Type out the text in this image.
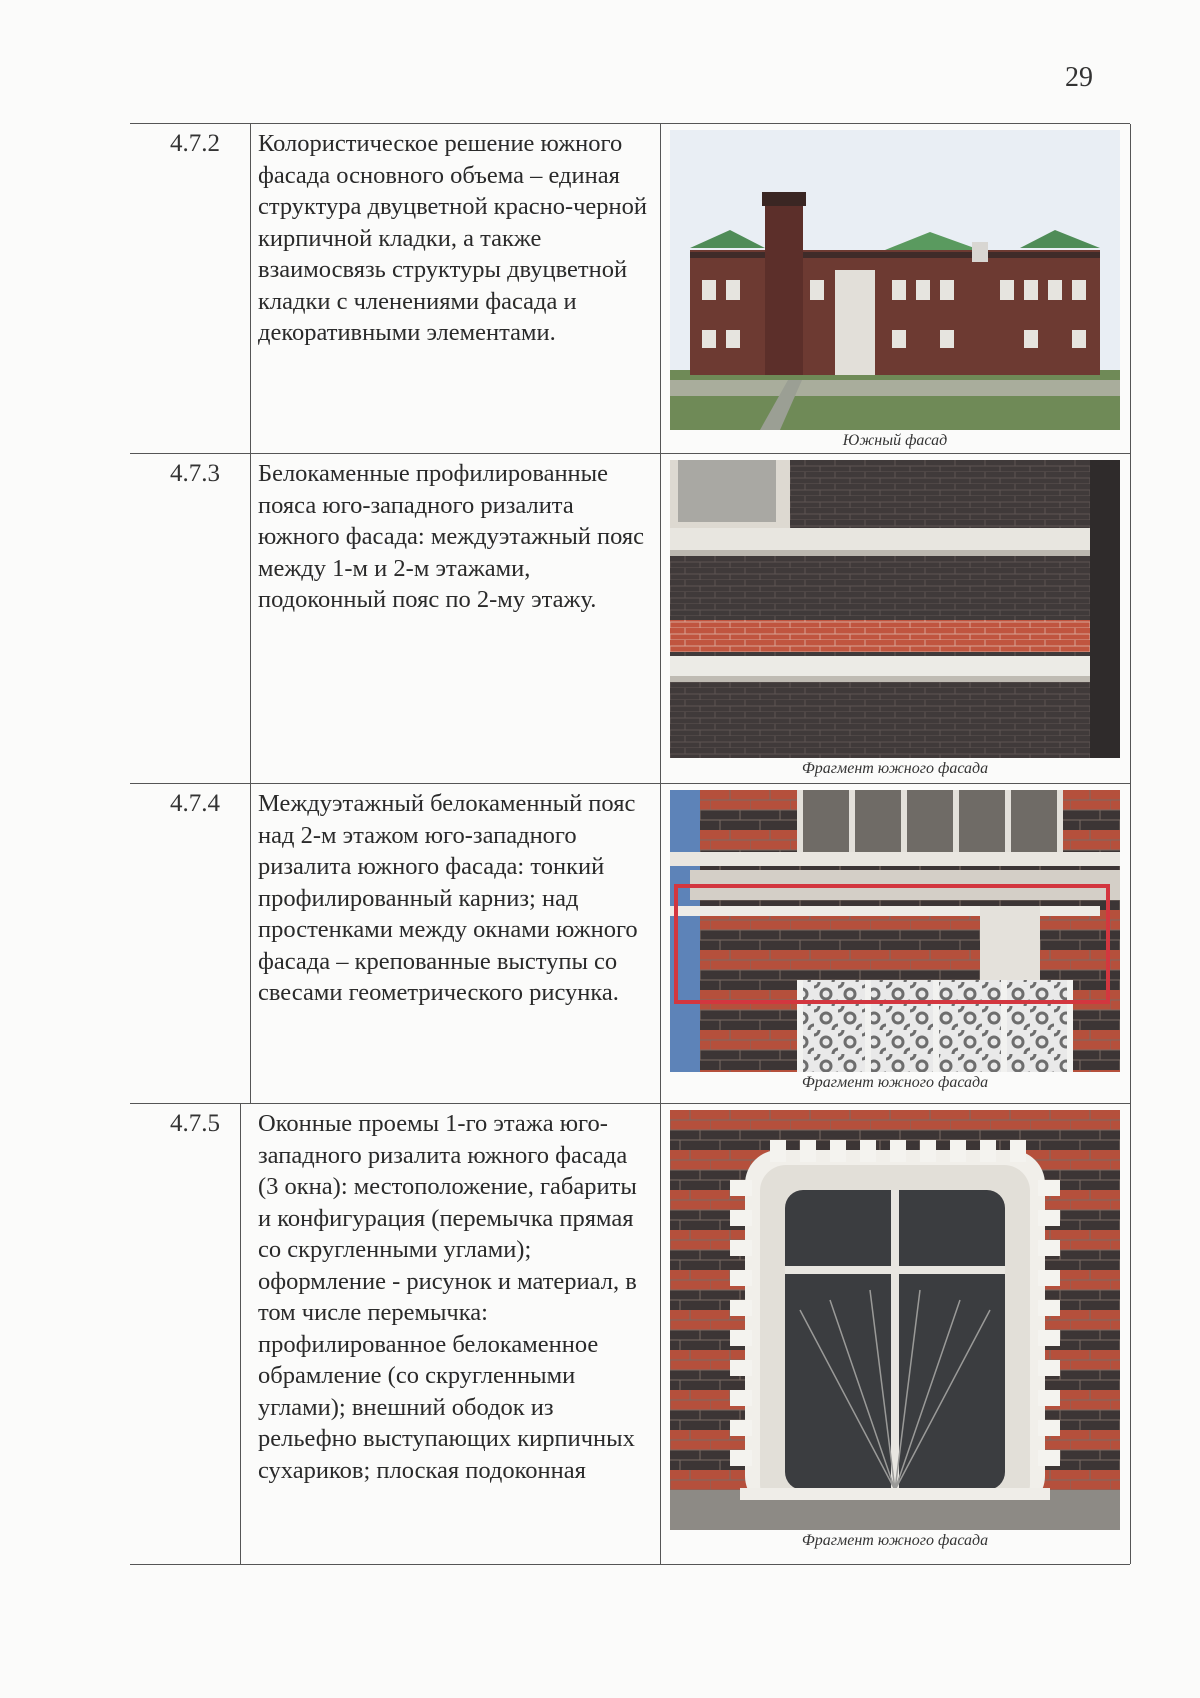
29
4.7.2	Колористическое решение южного фасада основного объема – единая структура двуцветной красно-черной кирпичной кладки, а также взаимосвязь структуры двуцветной кладки с членениями фасада и декоративными элементами.
Южный фасад
4.7.3	Белокаменные профилированные пояса юго-западного ризалита южного фасада: междуэтажный пояс между 1-м и 2-м этажами, подоконный пояс по 2-му этажу.
Фрагмент южного фасада
4.7.4	Междуэтажный белокаменный пояс над 2-м этажом юго-западного ризалита южного фасада: тонкий профилированный карниз; над простенками между окнами южного фасада – крепованные выступы со свесами геометрического рисунка.
Фрагмент южного фасада
4.7.5	Оконные проемы 1-го этажа юго-западного ризалита южного фасада (3 окна): местоположение, габариты и конфигурация (перемычка прямая со скругленными углами); оформление - рисунок и материал, в том числе перемычка: профилированное белокаменное обрамление (со скругленными углами); внешний ободок из рельефно выступающих кирпичных сухариков; плоская подоконная
Фрагмент южного фасада
